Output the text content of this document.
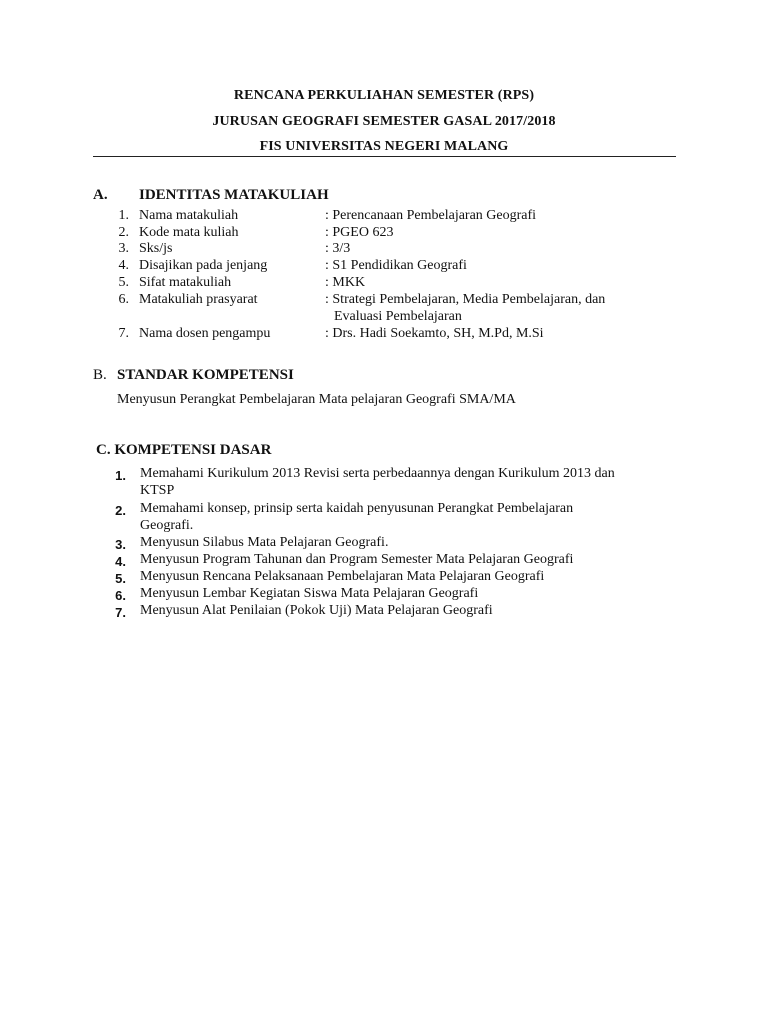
RENCANA PERKULIAHAN SEMESTER (RPS)
JURUSAN GEOGRAFI SEMESTER GASAL 2017/2018
FIS UNIVERSITAS NEGERI MALANG
A. IDENTITAS MATAKULIAH
1. Nama matakuliah	: Perencanaan Pembelajaran Geografi
2. Kode mata kuliah	: PGEO 623
3. Sks/js	: 3/3
4. Disajikan pada jenjang	: S1 Pendidikan Geografi
5. Sifat matakuliah	: MKK
6. Matakuliah prasyarat	: Strategi Pembelajaran, Media Pembelajaran, dan
Evaluasi Pembelajaran
7. Nama dosen pengampu	: Drs. Hadi Soekamto, SH, M.Pd, M.Si
B. STANDAR KOMPETENSI
Menyusun Perangkat Pembelajaran Mata pelajaran Geografi SMA/MA
C. KOMPETENSI DASAR
1. Memahami Kurikulum 2013 Revisi serta perbedaannya dengan Kurikulum 2013 dan
KTSP
2. Memahami konsep, prinsip serta kaidah penyusunan Perangkat Pembelajaran
Geografi.
3. Menyusun Silabus Mata Pelajaran Geografi.
4. Menyusun Program Tahunan dan Program Semester Mata Pelajaran Geografi
5. Menyusun Rencana Pelaksanaan Pembelajaran Mata Pelajaran Geografi
6. Menyusun Lembar Kegiatan Siswa Mata Pelajaran Geografi
7. Menyusun Alat Penilaian (Pokok Uji) Mata Pelajaran Geografi
